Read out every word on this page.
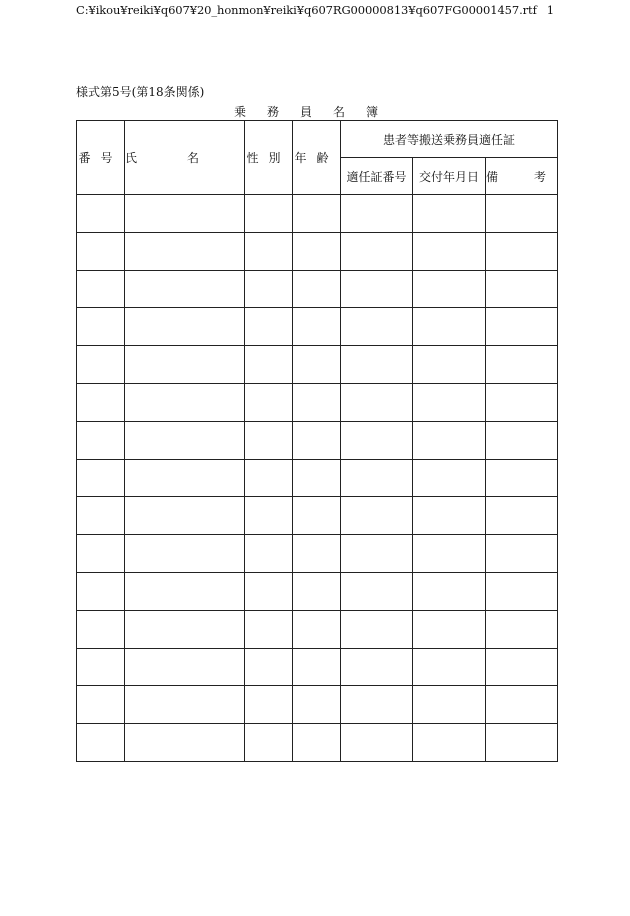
C:¥ikou¥reiki¥q607¥20_honmon¥reiki¥q607RG00000813¥q607FG00001457.rtf 1
様式第5号(第18条関係)
乗務員名簿
番号	氏名	性別	年齢	患者等搬送乗務員適任証		
				適任証番号	交付年月日	備考
